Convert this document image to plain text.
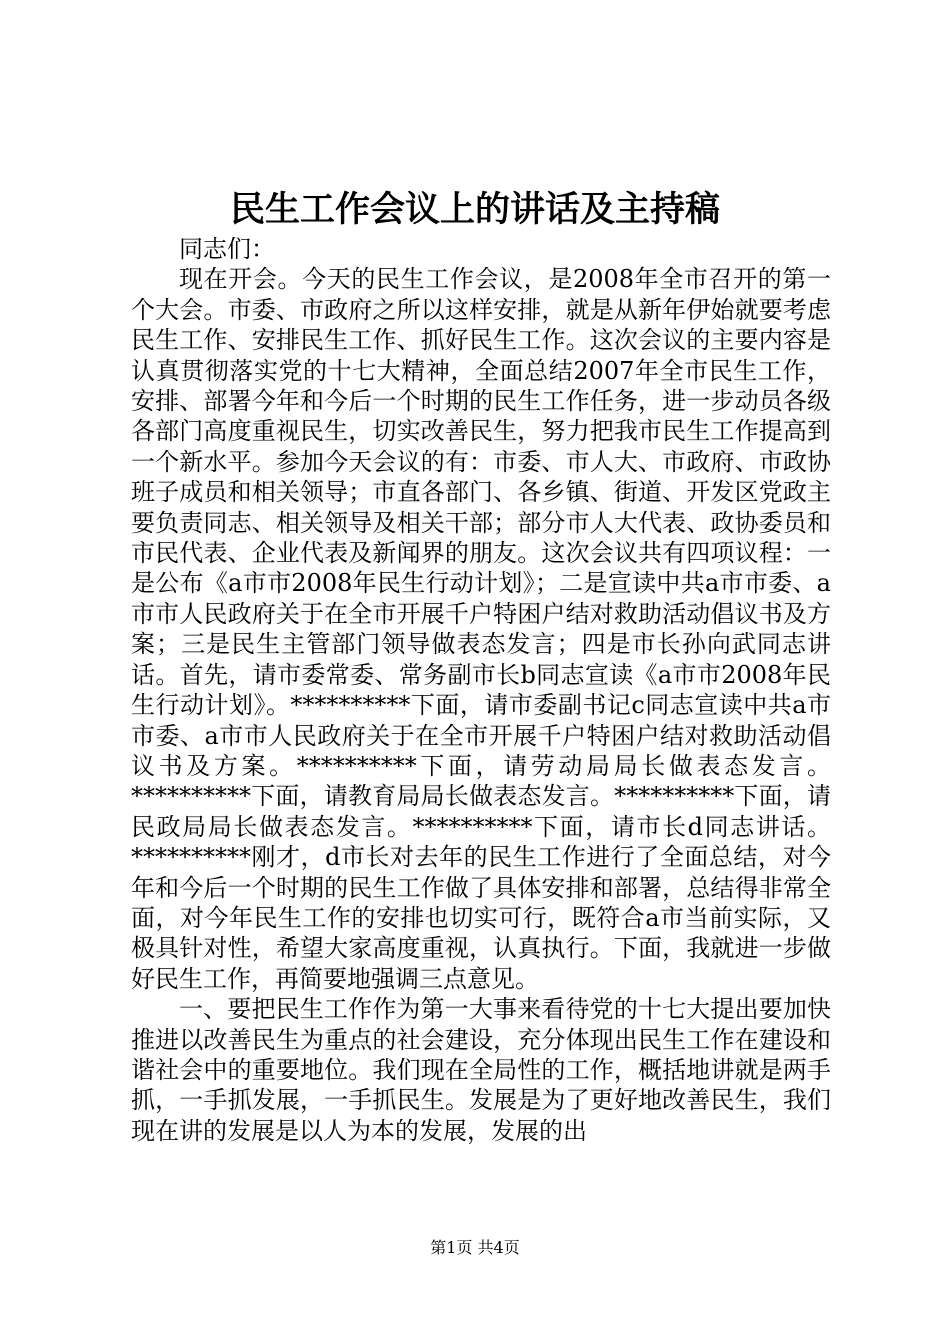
民生工作会议上的讲话及主持稿

同志们：

现在开会。今天的民生工作会议，是2008年全市召开的第一个大会。市委、市政府之所以这样安排，就是从新年伊始就要考虑民生工作、安排民生工作、抓好民生工作。这次会议的主要内容是认真贯彻落实党的十七大精神，全面总结2007年全市民生工作，安排、部署今年和今后一个时期的民生工作任务，进一步动员各级各部门高度重视民生，切实改善民生，努力把我市民生工作提高到一个新水平。参加今天会议的有：市委、市人大、市政府、市政协班子成员和相关领导；市直各部门、各乡镇、街道、开发区党政主要负责同志、相关领导及相关干部；部分市人大代表、政协委员和市民代表、企业代表及新闻界的朋友。这次会议共有四项议程：一是公布《a市市2008年民生行动计划》；二是宣读中共a市市委、a市市人民政府关于在全市开展千户特困户结对救助活动倡议书及方案；三是民生主管部门领导做表态发言；四是市长孙向武同志讲话。首先，请市委常委、常务副市长b同志宣读《a市市2008年民生行动计划》。**********下面，请市委副书记c同志宣读中共a市市委、a市市人民政府关于在全市开展千户特困户结对救助活动倡议书及方案。**********下面，请劳动局局长做表态发言。**********下面，请教育局局长做表态发言。**********下面，请民政局局长做表态发言。**********下面，请市长d同志讲话。**********刚才，d市长对去年的民生工作进行了全面总结，对今年和今后一个时期的民生工作做了具体安排和部署，总结得非常全面，对今年民生工作的安排也切实可行，既符合a市当前实际，又极具针对性，希望大家高度重视，认真执行。下面，我就进一步做好民生工作，再简要地强调三点意见。

一、要把民生工作作为第一大事来看待党的十七大提出要加快推进以改善民生为重点的社会建设，充分体现出民生工作在建设和谐社会中的重要地位。我们现在全局性的工作，概括地讲就是两手抓，一手抓发展，一手抓民生。发展是为了更好地改善民生，我们现在讲的发展是以人为本的发展，发展的出

第1页 共4页
